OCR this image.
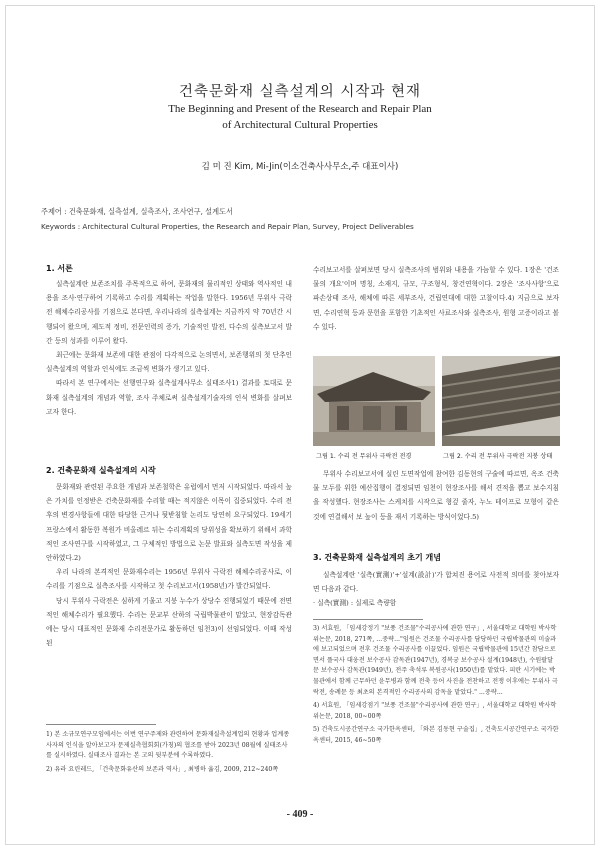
건축문화재 실측설계의 시작과 현재
The Beginning and Present of the Research and Repair Plan
of Architectural Cultural Properties
김 미 진 Kim, Mi-Jin(이소건축사사무소,주 대표이사)
주제어 : 건축문화재, 실측설계, 실측조사, 조사연구, 설계도서
Keywords : Architectural Cultural Properties, the Research and Repair Plan, Survey, Project Deliverables
1. 서론

실측설계란 보존조치를 주목적으로 하여, 문화재의 물리적인 상태와 역사적인 내용을 조사·연구하여 기록하고 수리를 계획하는 작업을 말한다. 1956년 무위사 극락전 해체수리공사를 기점으로 본다면, 우리나라의 실측설계는 지금까지 약 70년간 시행되어 왔으며, 제도적 정비, 전문인력의 증가, 기술적인 발전, 다수의 실측보고서 발간 등의 성과를 이루어 왔다.

최근에는 문화재 보존에 대한 관점이 다각적으로 논의면서, 보존행위의 첫 단추인 실측설계의 역할과 인식에도 조금씩 변화가 생기고 있다.

따라서 본 연구에서는 선행연구와 실측설계사무소 실태조사1) 결과를 토대로 문화재 실측설계의 개념과 역할, 조사 주체로써 실측설계기술자의 인식 변화를 살펴보고자 한다.

2. 건축문화재 실측설계의 시작

문화재와 관련된 주요한 개념과 보존철학은 유럽에서 먼저 시작되었다. 따라서 높은 가치를 인정받은 건축문화재를 수리할 때는 적지않은 이목이 집중되었다. 수리 전후의 변경사항들에 대한 타당한 근거나 뒷받침할 논리도 당연히 요구되었다. 19세기 프랑스에서 활동한 복원가 비올레르 뒤는 수리계획의 당위성을 확보하기 위해서 과학적인 조사연구를 시작하였고, 그 구체적인 방법으로 논문 발표와 실측도면 작성을 제안하였다.2)

우리 나라의 본격적인 문화재수리는 1956년 무위사 극락전 해체수리공사로, 이 수리를 기점으로 실측조사를 시작하고 첫 수리보고서(1958년)가 발간되었다.

당시 무위사 극락전은 심하게 기울고 지붕 누수가 상당수 진행되었기 때문에 전면적인 해체수리가 필요했다. 수리는 문교부 산하의 국립박물관이 맡았고, 현장감독관에는 당시 대표적인 문화재 수리전문가로 활동하던 임천3)이 선임되었다. 이때 작성된

1) 본 소규모연구모임에서는 이번 연구주제와 관련하여 문화재실측설계업의 현황과 업계종사자의 인식을 알아보고자 문제실측협회회(가칭)의 협조를 받아 2023년 08월에 실태조사를 실시하였다. 실태조사 결과는 본 고의 뒷부분에 수록하였다.

2) 유라 요린레드, 「건축문화유산의 보존과 역사」, 최병하 옮김, 2009, 212~240쪽

수리보고서를 살펴보면 당시 실측조사의 범위와 내용을 가늠할 수 있다. 1장은 '건조물의 개요'이며 명칭, 소재지, 규모, 구조형식, 창건연혁이다. 2장은 '조사사항'으로 파손상태 조사, 해체에 따른 세부조사, 건립연대에 대한 고찰이다.4) 지금으로 보자면, 수리연혁 등과 문헌을 포함한 기초적인 사료조사와 실측조사, 원형 고증이라고 볼 수 있다.

그림 1. 수리 전 무위사 극락전 전경	그림 2. 수리 전 무위사 극락전 지붕 상태

무위사 수리보고서에 실린 도면작업에 참여한 김동현의 구술에 따르면, 옥조 건축물 모두를 위한 예산집행이 결정되면 임천이 현장조사를 해서 견적을 뽑고 보수지침을 작성했다. 현장조사는 스케치를 시작으로 형겊 줄자, 누노 테이프로 모형이 같은 것에 연결해서 보 높이 등을 재서 기록하는 방식이었다.5)

3. 건축문화재 실측설계의 초기 개념

실측설계란 '실측(實測)'+'설계(設計)'가 합쳐진 용어로 사전적 의미를 찾아보자면 다음과 같다.

· 실측(實測) : 실제로 측량함

3) 서효원, 「임세강정기 "보풍 건조물"수리공사에 관한 연구」, 서울대학교 대학원 박사학위논문, 2018, 271쪽, ...중략..."임원은 건조물 수리공사를 담당하던 국립박물관의 미술과에 보고되었으며 전후 건조물 수리공사를 이끌었다. 임원은 국립박물관에 15년간 참담으로면서 플국사 대웅전 보수공사 감독관(1947년), 경복궁 보수공사 설계(1948년), 수원팔달문 보수공사 감독관(1949년), 전주 축석루 복원공사(1950년)를 맡았다. 피란 시기에는 박물관에서 함께 근무하던 윤무병과 함께 전축 등어 사진을 전찬하고 전쟁 이후에는 무위사 극락전, 송례문 등 최초의 본격적인 수리공사의 감독을 맡았다." ...중략...

4) 서효원, 「임세강점기 "보풍 건조물"수리공사에 관한 연구」, 서울대학교 대학원 박사학위논문, 2018, 00~00쪽

5) 건축도시공간연구소 국가한옥센터, 「와본 김동현 구술집」, 건축도시공간연구소 국가한옥센터, 2015, 46~50쪽

- 409 -
